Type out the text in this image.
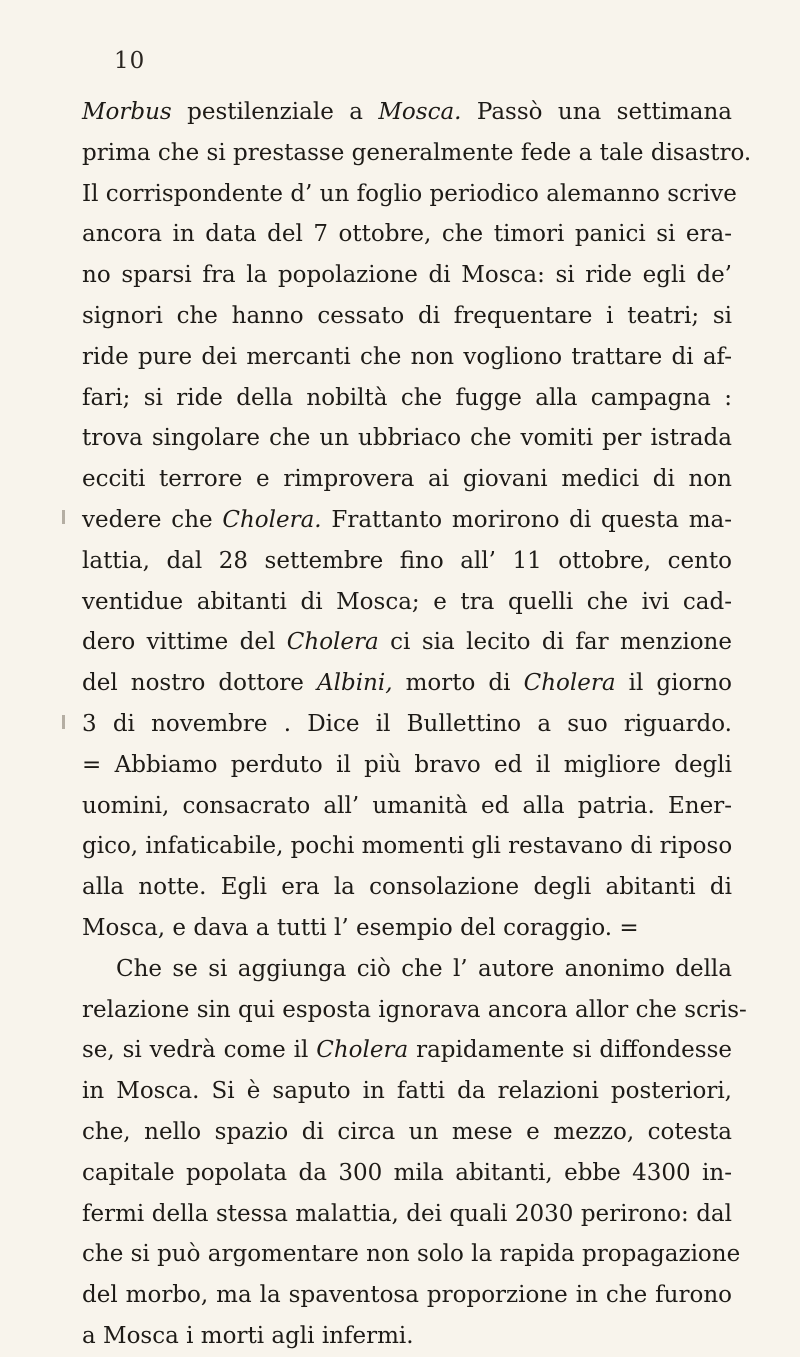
10
Morbus pestilenziale a Mosca. Passò una settimana
prima che si prestasse generalmente fede a tale disastro.
Il corrispondente d’ un foglio periodico alemanno scrive
ancora in data del 7 ottobre, che timori panici si era-
no sparsi fra la popolazione di Mosca: si ride egli de’
signori che hanno cessato di frequentare i teatri; si
ride pure dei mercanti che non vogliono trattare di af-
fari; si ride della nobiltà che fugge alla campagna :
trova singolare che un ubbriaco che vomiti per istrada
ecciti terrore e rimprovera ai giovani medici di non
vedere che Cholera. Frattanto morirono di questa ma-
lattia, dal 28 settembre fino all’ 11 ottobre, cento
ventidue abitanti di Mosca; e tra quelli che ivi cad-
dero vittime del Cholera ci sia lecito di far menzione
del nostro dottore Albini, morto di Cholera il giorno
3 di novembre . Dice il Bullettino a suo riguardo.
= Abbiamo perduto il più bravo ed il migliore degli
uomini, consacrato all’ umanità ed alla patria. Ener-
gico, infaticabile, pochi momenti gli restavano di riposo
alla notte. Egli era la consolazione degli abitanti di
Mosca, e dava a tutti l’ esempio del coraggio. =
Che se si aggiunga ciò che l’ autore anonimo della
relazione sin qui esposta ignorava ancora allor che scris-
se, si vedrà come il Cholera rapidamente si diffondesse
in Mosca. Si è saputo in fatti da relazioni posteriori,
che, nello spazio di circa un mese e mezzo, cotesta
capitale popolata da 300 mila abitanti, ebbe 4300 in-
fermi della stessa malattia, dei quali 2030 perirono: dal
che si può argomentare non solo la rapida propagazione
del morbo, ma la spaventosa proporzione in che furono
a Mosca i morti agli infermi.
